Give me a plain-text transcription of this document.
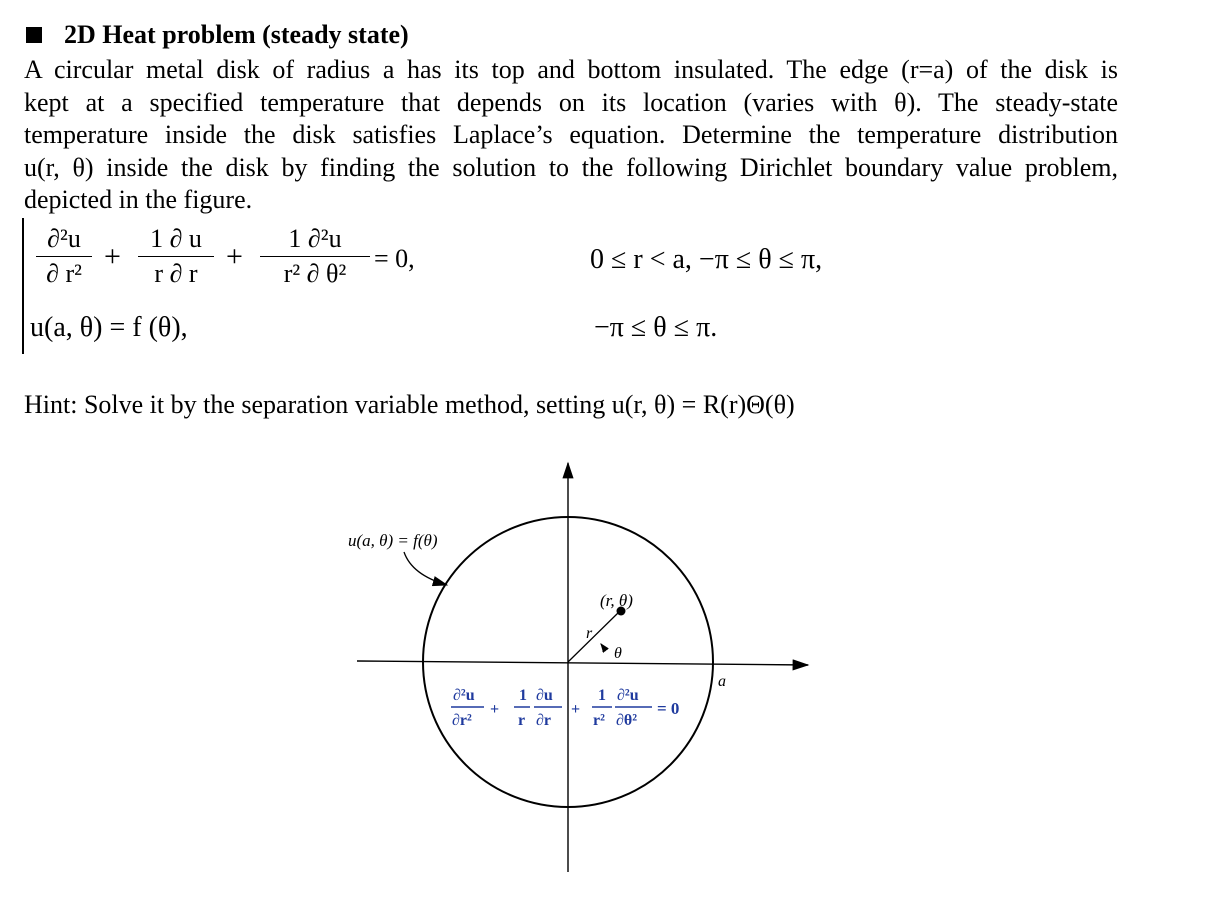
2D Heat problem (steady state)
A circular metal disk of radius a has its top and bottom insulated. The edge (r=a) of the disk is
kept at a specified temperature that depends on its location (varies with θ). The steady-state
temperature inside the disk satisfies Laplace’s equation. Determine the temperature distribution
u(r, θ) inside the disk by finding the solution to the following Dirichlet boundary value problem,
depicted in the figure.
$\frac{\text{∂²u}}{\text{∂ r²}} + \frac{1 \partial u}{r \partial r} + \frac{\text{1 ∂²u}}{\text{r² ∂ θ²}} = 0$,	0 ≤ r < a, −π ≤ θ ≤ π,
u(a, θ) = f (θ),	−π ≤ θ ≤ π.
Hint: Solve it by the separation variable method, setting u(r, θ) = R(r)Θ(θ)
u(a, θ) = f(θ)
(r, θ)
r
θ
a
∂²u
∂r²
+
1
r
∂u
∂r
+
1
r²
∂²u
∂θ²
= 0
